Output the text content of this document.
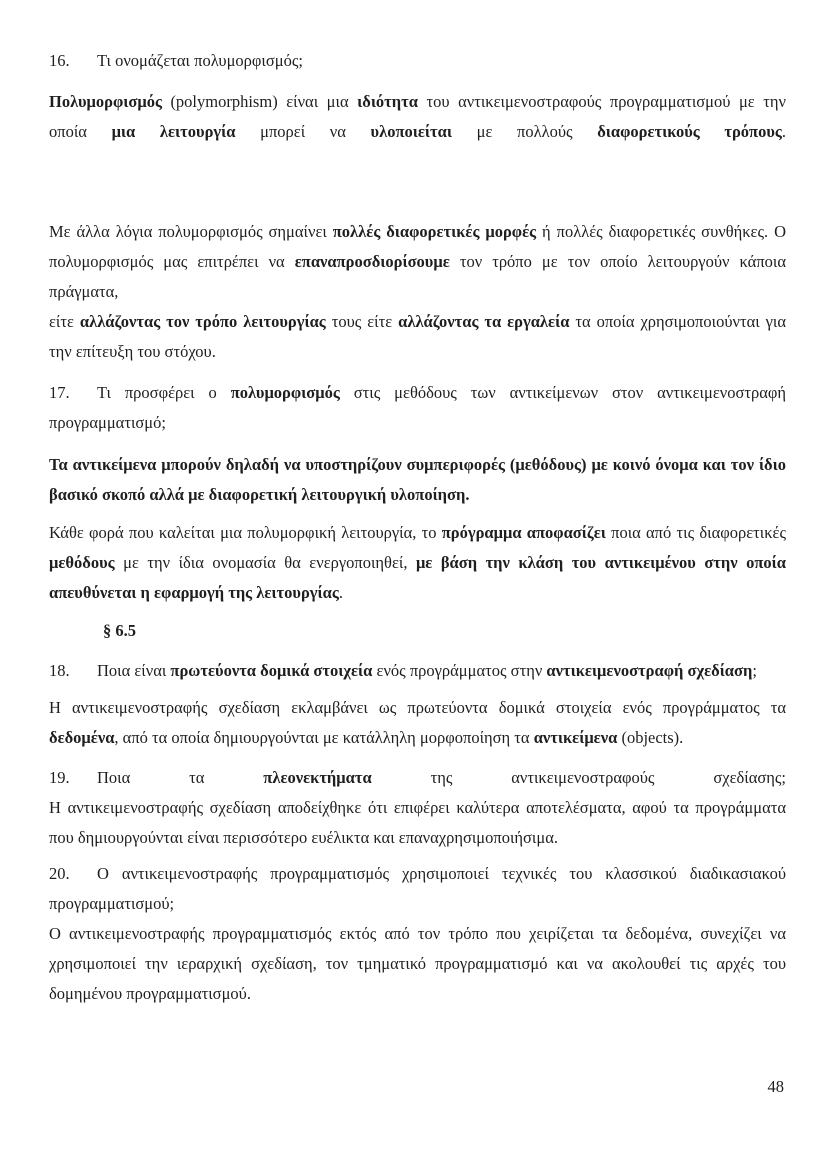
16. Τι ονομάζεται πολυμορφισμός;

Πολυμορφισμός (polymorphism) είναι μια ιδιότητα του αντικειμενοστραφούς προγραμματισμού με την οποία μια λειτουργία μπορεί να υλοποιείται με πολλούς διαφορετικούς τρόπους.

Με άλλα λόγια πολυμορφισμός σημαίνει πολλές διαφορετικές μορφές ή πολλές διαφορετικές συνθήκες. Ο πολυμορφισμός μας επιτρέπει να επαναπροσδιορίσουμε τον τρόπο με τον οποίο λειτουργούν κάποια πράγματα,
είτε αλλάζοντας τον τρόπο λειτουργίας τους είτε αλλάζοντας τα εργαλεία τα οποία χρησιμοποιούνται για την επίτευξη του στόχου.

17. Τι προσφέρει ο πολυμορφισμός στις μεθόδους των αντικείμενων στον αντικειμενοστραφή προγραμματισμό;

Τα αντικείμενα μπορούν δηλαδή να υποστηρίζουν συμπεριφορές (μεθόδους) με κοινό όνομα και τον ίδιο βασικό σκοπό αλλά με διαφορετική λειτουργική υλοποίηση.

Κάθε φορά που καλείται μια πολυμορφική λειτουργία, το πρόγραμμα αποφασίζει ποια από τις διαφορετικές μεθόδους με την ίδια ονομασία θα ενεργοποιηθεί, με βάση την κλάση του αντικειμένου στην οποία απευθύνεται η εφαρμογή της λειτουργίας.

§ 6.5

18. Ποια είναι πρωτεύοντα δομικά στοιχεία ενός προγράμματος στην αντικειμενοστραφή σχεδίαση;

Η αντικειμενοστραφής σχεδίαση εκλαμβάνει ως πρωτεύοντα δομικά στοιχεία ενός προγράμματος τα δεδομένα, από τα οποία δημιουργούνται με κατάλληλη μορφοποίηση τα αντικείμενα (objects).

19. Ποια τα πλεονεκτήματα της αντικειμενοστραφούς σχεδίασης;

Η αντικειμενοστραφής σχεδίαση αποδείχθηκε ότι επιφέρει καλύτερα αποτελέσματα, αφού τα προγράμματα που δημιουργούνται είναι περισσότερο ευέλικτα και επαναχρησιμοποιήσιμα.

20. Ο αντικειμενοστραφής προγραμματισμός χρησιμοποιεί τεχνικές του κλασσικού διαδικασιακού προγραμματισμού;

Ο αντικειμενοστραφής προγραμματισμός εκτός από τον τρόπο που χειρίζεται τα δεδομένα, συνεχίζει να χρησιμοποιεί την ιεραρχική σχεδίαση, τον τμηματικό προγραμματισμό και να ακολουθεί τις αρχές του δομημένου προγραμματισμού.

48
